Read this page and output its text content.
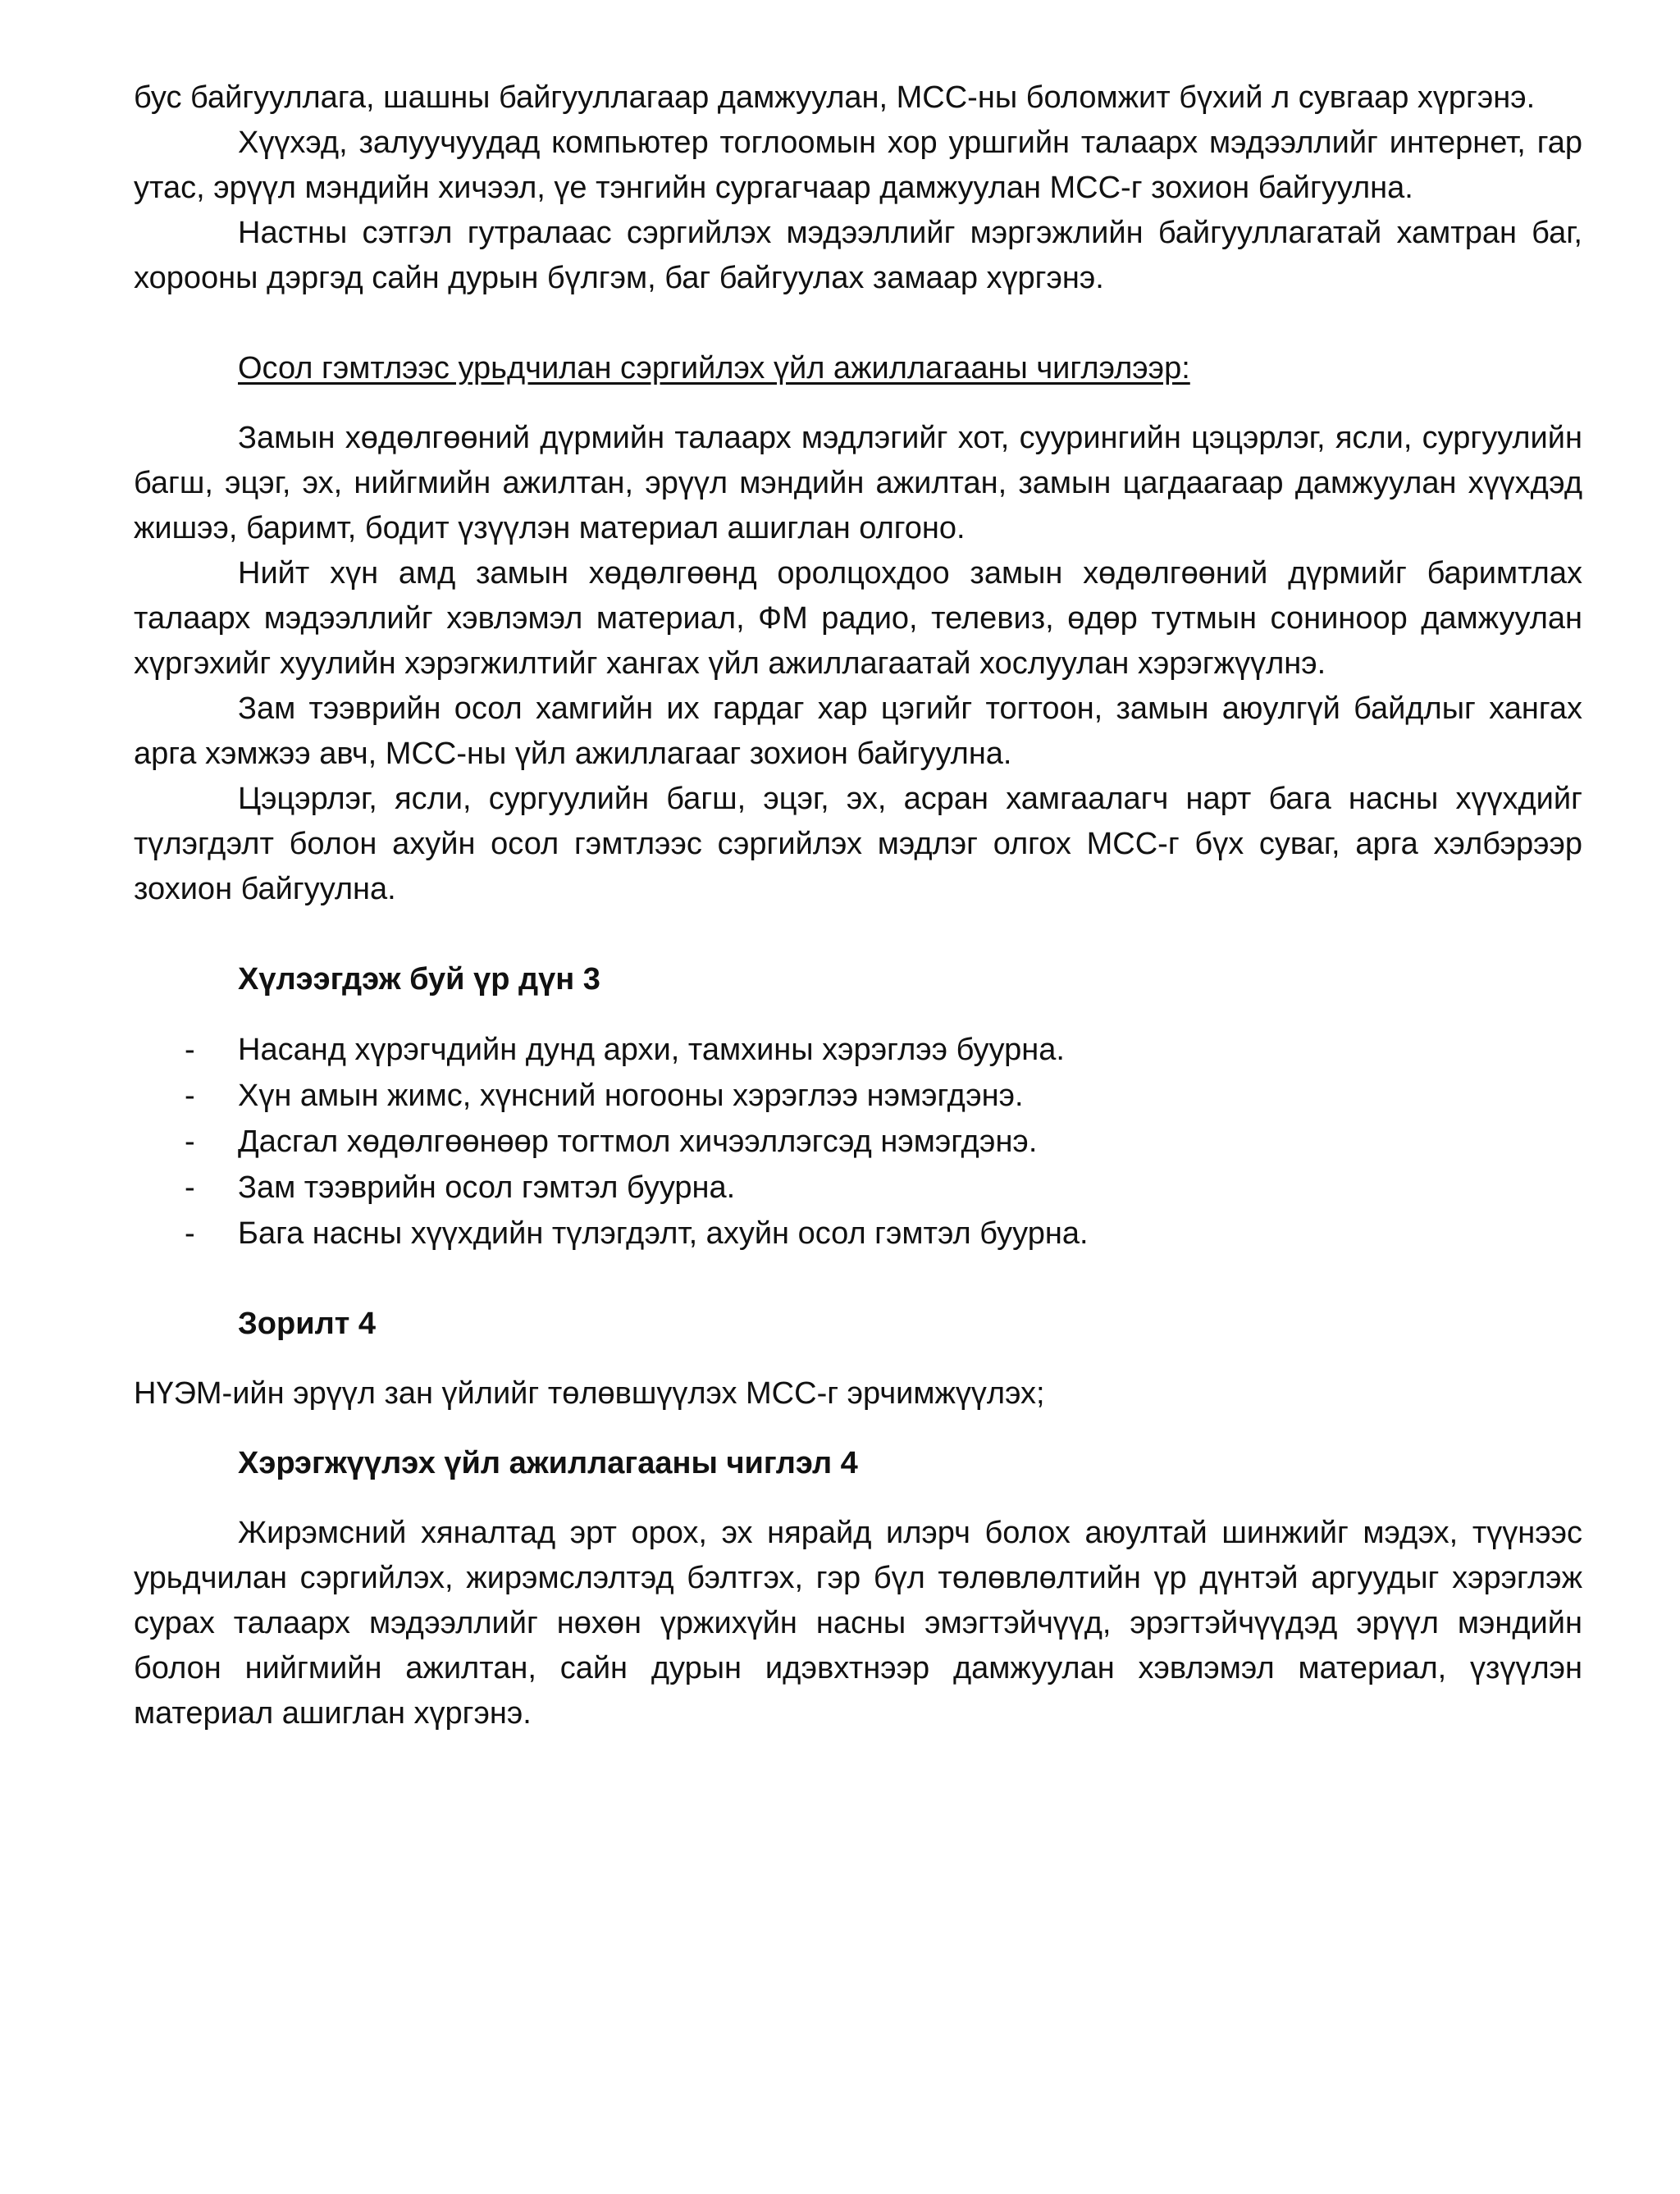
бус байгууллага, шашны байгууллагаар дамжуулан, МСС-ны боломжит бүхий л сувгаар хүргэнэ.

Хүүхэд, залуучуудад компьютер тоглоомын хор уршгийн талаарх мэдээллийг интернет, гар утас, эрүүл мэндийн хичээл, үе тэнгийн сургагчаар дамжуулан МСС-г зохион байгуулна.

Настны сэтгэл гутралаас сэргийлэх мэдээллийг мэргэжлийн байгууллагатай хамтран баг, хорооны дэргэд сайн дурын бүлгэм, баг байгуулах замаар хүргэнэ.

Осол гэмтлээс урьдчилан сэргийлэх үйл ажиллагааны чиглэлээр:

Замын хөдөлгөөний дүрмийн талаарх мэдлэгийг хот, суурингийн цэцэрлэг, ясли, сургуулийн багш, эцэг, эх, нийгмийн ажилтан, эрүүл мэндийн ажилтан, замын цагдаагаар дамжуулан хүүхдэд жишээ, баримт, бодит үзүүлэн материал ашиглан олгоно.

Нийт хүн амд замын хөдөлгөөнд оролцохдоо замын хөдөлгөөний дүрмийг баримтлах талаарх мэдээллийг хэвлэмэл материал, ФМ радио, телевиз, өдөр тутмын сониноор дамжуулан хүргэхийг хуулийн хэрэгжилтийг хангах үйл ажиллагаатай хослуулан хэрэгжүүлнэ.

Зам тээврийн осол хамгийн их гардаг хар цэгийг тогтоон, замын аюулгүй байдлыг хангах арга хэмжээ авч, МСС-ны үйл ажиллагааг зохион байгуулна.

Цэцэрлэг, ясли, сургуулийн багш, эцэг, эх, асран хамгаалагч нарт бага насны хүүхдийг түлэгдэлт болон ахуйн осол гэмтлээс сэргийлэх мэдлэг олгох МСС-г бүх суваг, арга хэлбэрээр зохион байгуулна.

Хүлээгдэж буй үр дүн 3

- Насанд хүрэгчдийн дунд архи, тамхины хэрэглээ буурна.
- Хүн амын жимс, хүнсний ногооны хэрэглээ нэмэгдэнэ.
- Дасгал хөдөлгөөнөөр тогтмол хичээллэгсэд нэмэгдэнэ.
- Зам тээврийн осол гэмтэл буурна.
- Бага насны хүүхдийн түлэгдэлт, ахуйн осол гэмтэл буурна.

Зорилт 4

НҮЭМ-ийн эрүүл зан үйлийг төлөвшүүлэх МСС-г эрчимжүүлэх;

Хэрэгжүүлэх үйл ажиллагааны чиглэл 4

Жирэмсний хяналтад эрт орох, эх нярайд илэрч болох аюултай шинжийг мэдэх, түүнээс урьдчилан сэргийлэх, жирэмслэлтэд бэлтгэх, гэр бүл төлөвлөлтийн үр дүнтэй аргуудыг хэрэглэж сурах талаарх мэдээллийг нөхөн үржихүйн насны эмэгтэйчүүд, эрэгтэйчүүдэд эрүүл мэндийн болон нийгмийн ажилтан, сайн дурын идэвхтнээр дамжуулан хэвлэмэл материал, үзүүлэн материал ашиглан хүргэнэ.
